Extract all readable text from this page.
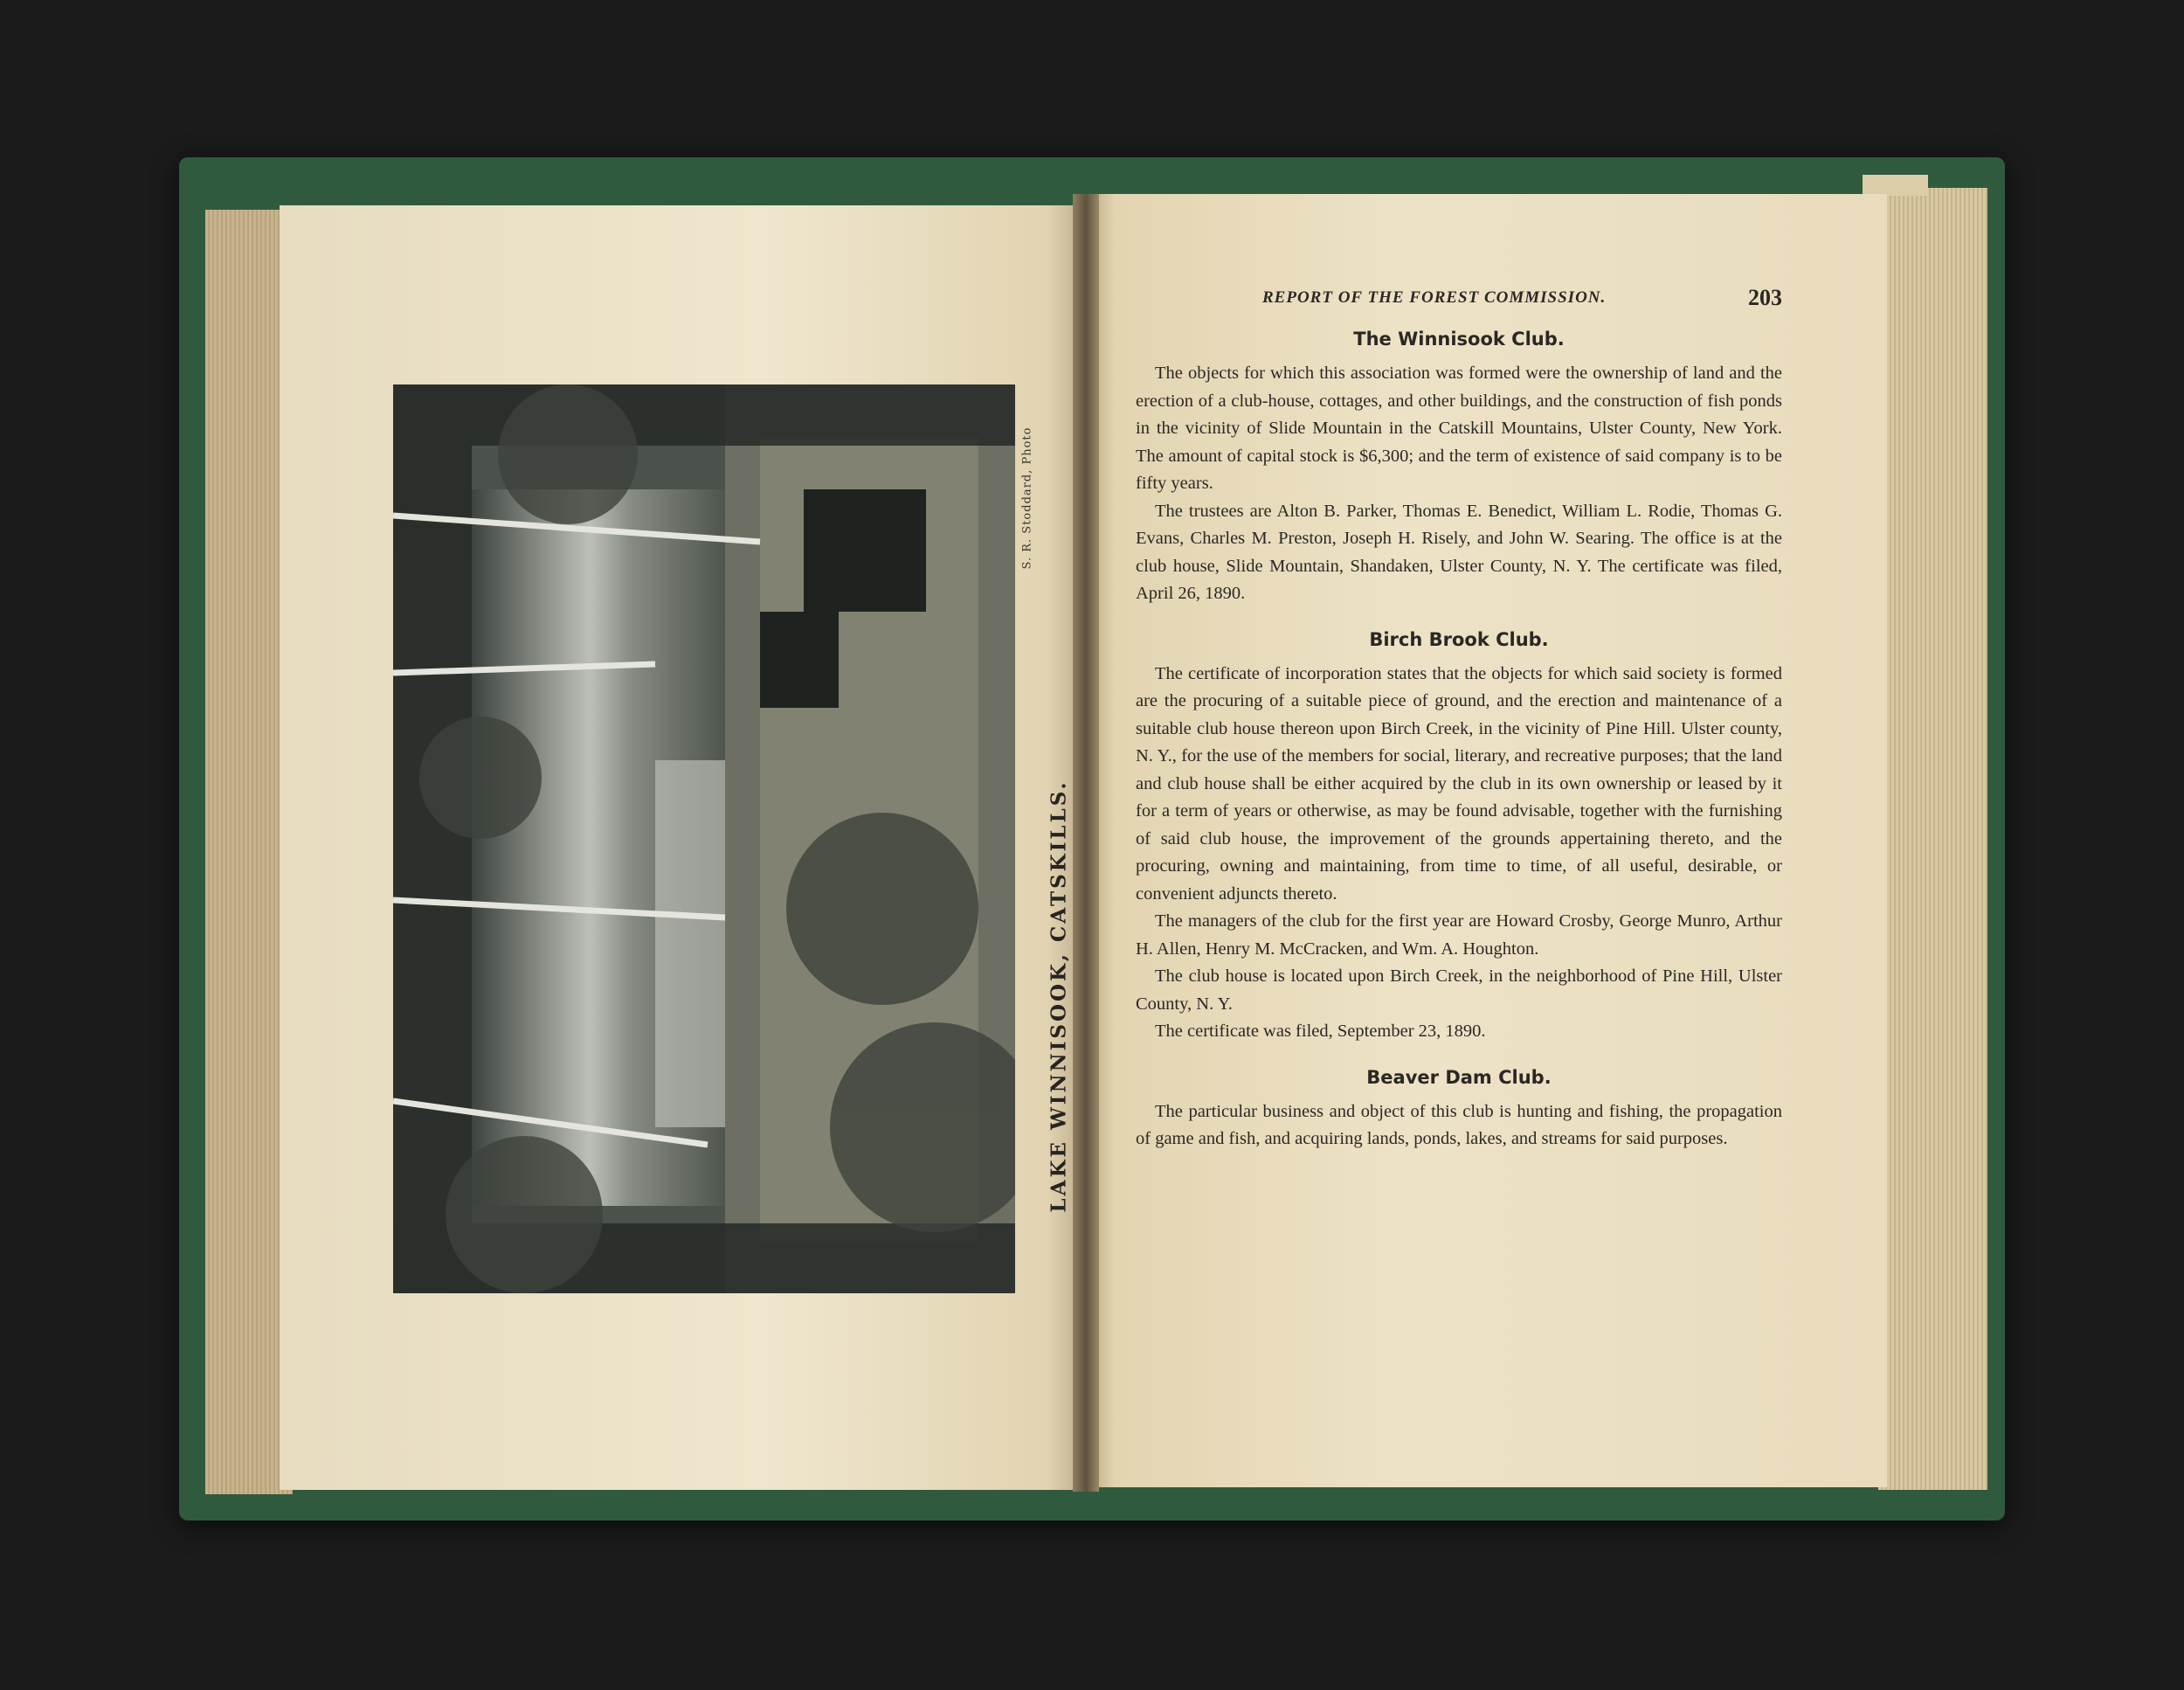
LAKE WINNISOOK, CATSKILLS.
S. R. Stoddard, Photo
REPORT OF THE FOREST COMMISSION.	203
The Winnisook Club.

The objects for which this association was formed were the ownership of land and the erection of a club-house, cottages, and other buildings, and the construction of fish ponds in the vicinity of Slide Mountain in the Catskill Mountains, Ulster County, New York. The amount of capital stock is $6,300; and the term of existence of said company is to be fifty years.

The trustees are Alton B. Parker, Thomas E. Benedict, William L. Rodie, Thomas G. Evans, Charles M. Preston, Joseph H. Risely, and John W. Searing. The office is at the club house, Slide Mountain, Shandaken, Ulster County, N. Y. The certificate was filed, April 26, 1890.

Birch Brook Club.

The certificate of incorporation states that the objects for which said society is formed are the procuring of a suitable piece of ground, and the erection and maintenance of a suitable club house thereon upon Birch Creek, in the vicinity of Pine Hill. Ulster county, N. Y., for the use of the members for social, literary, and recreative purposes; that the land and club house shall be either acquired by the club in its own ownership or leased by it for a term of years or otherwise, as may be found advisable, together with the furnishing of said club house, the improvement of the grounds appertaining thereto, and the procuring, owning and maintaining, from time to time, of all useful, desirable, or convenient adjuncts thereto.

The managers of the club for the first year are Howard Crosby, George Munro, Arthur H. Allen, Henry M. McCracken, and Wm. A. Houghton.

The club house is located upon Birch Creek, in the neighborhood of Pine Hill, Ulster County, N. Y.

The certificate was filed, September 23, 1890.

Beaver Dam Club.

The particular business and object of this club is hunting and fishing, the propagation of game and fish, and acquiring lands, ponds, lakes, and streams for said purposes.
